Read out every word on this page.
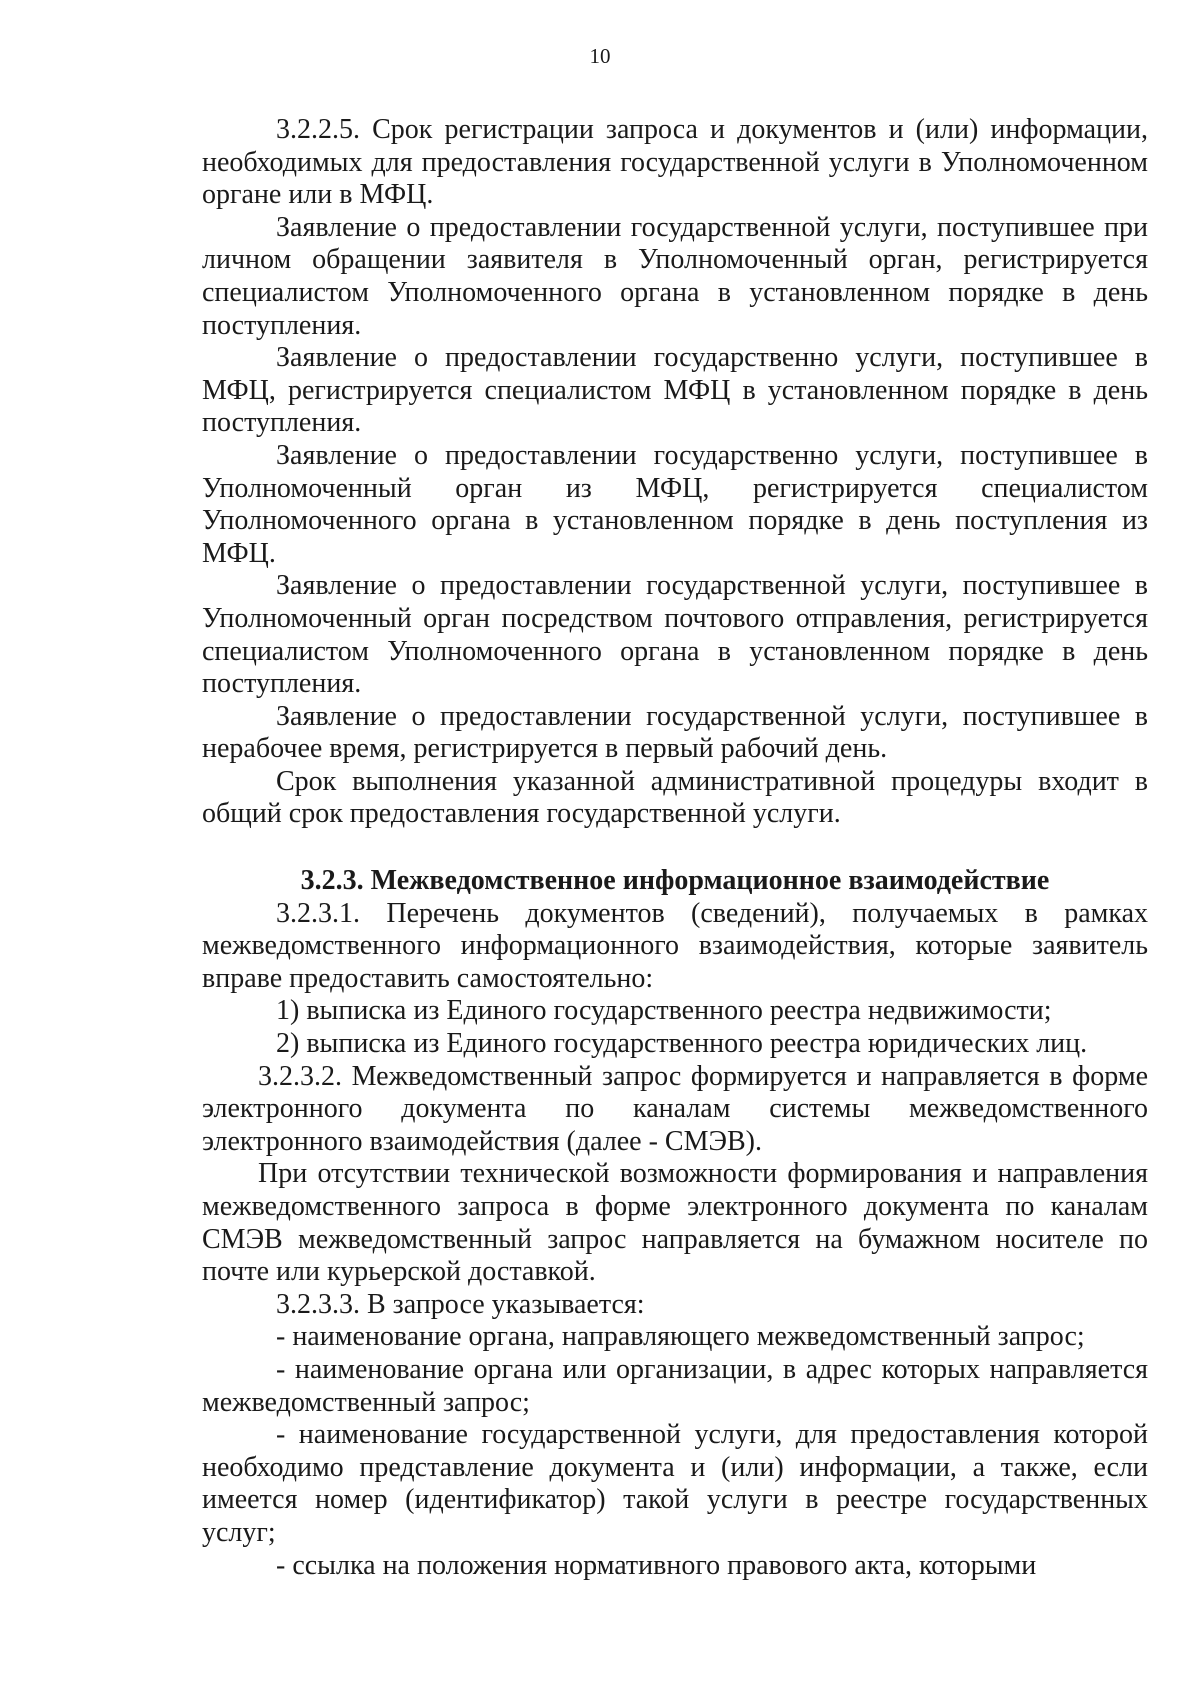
10

3.2.2.5. Срок регистрации запроса и документов и (или) информации, необходимых для предоставления государственной услуги в Уполномоченном органе или в МФЦ.

Заявление о предоставлении государственной услуги, поступившее при личном обращении заявителя в Уполномоченный орган, регистрируется специалистом Уполномоченного органа в установленном порядке в день поступления.

Заявление о предоставлении государственно услуги, поступившее в МФЦ, регистрируется специалистом МФЦ в установленном порядке в день поступления.

Заявление о предоставлении государственно услуги, поступившее в Уполномоченный орган из МФЦ, регистрируется специалистом Уполномоченного органа в установленном порядке в день поступления из МФЦ.

Заявление о предоставлении государственной услуги, поступившее в Уполномоченный орган посредством почтового отправления, регистрируется специалистом Уполномоченного органа в установленном порядке в день поступления.

Заявление о предоставлении государственной услуги, поступившее в нерабочее время, регистрируется в первый рабочий день.

Срок выполнения указанной административной процедуры входит в общий срок предоставления государственной услуги.

3.2.3. Межведомственное информационное взаимодействие

3.2.3.1. Перечень документов (сведений), получаемых в рамках межведомственного информационного взаимодействия, которые заявитель вправе предоставить самостоятельно:

1) выписка из Единого государственного реестра недвижимости;

2) выписка из Единого государственного реестра юридических лиц.

3.2.3.2. Межведомственный запрос формируется и направляется в форме электронного документа по каналам системы межведомственного электронного взаимодействия (далее - СМЭВ).

При отсутствии технической возможности формирования и направления межведомственного запроса в форме электронного документа по каналам СМЭВ межведомственный запрос направляется на бумажном носителе по почте или курьерской доставкой.

3.2.3.3. В запросе указывается:

- наименование органа, направляющего межведомственный запрос;

- наименование органа или организации, в адрес которых направляется межведомственный запрос;

- наименование государственной услуги, для предоставления которой необходимо представление документа и (или) информации, а также, если имеется номер (идентификатор) такой услуги в реестре государственных услуг;

- ссылка на положения нормативного правового акта, которыми
